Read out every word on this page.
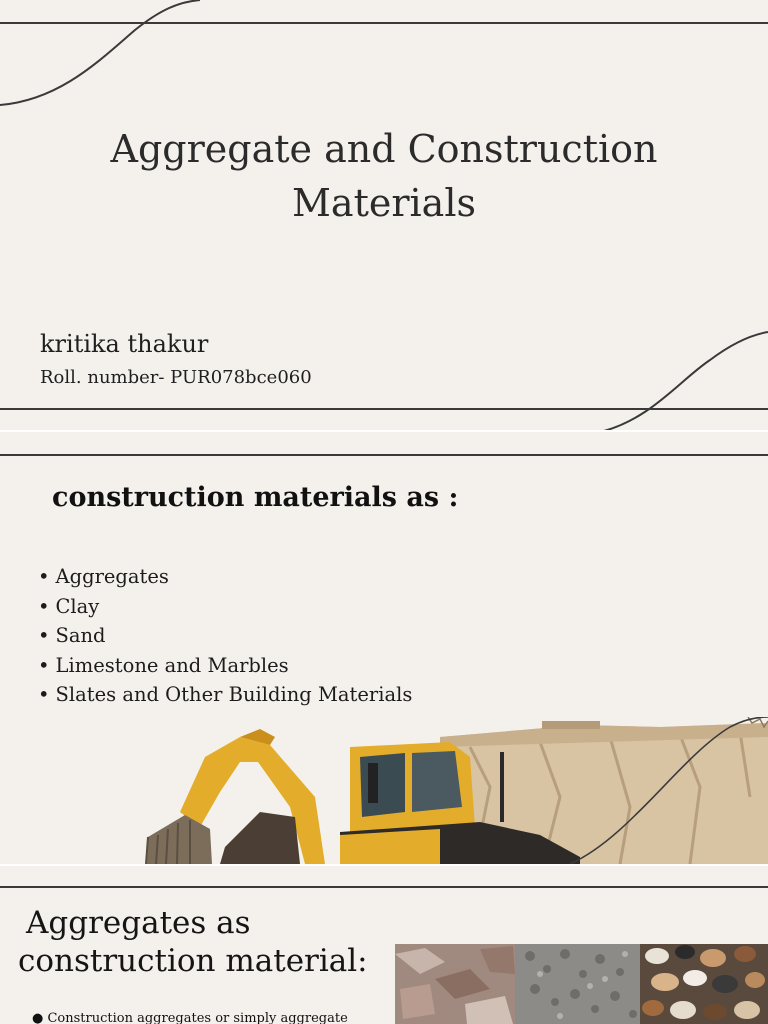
Aggregate and Construction
Materials
kritika thakur
Roll. number- PUR078bce060
construction materials as :
• Aggregates
• Clay
• Sand
• Limestone and Marbles
• Slates and Other Building Materials
Aggregates as
construction material:
● Construction aggregates or simply aggregate
